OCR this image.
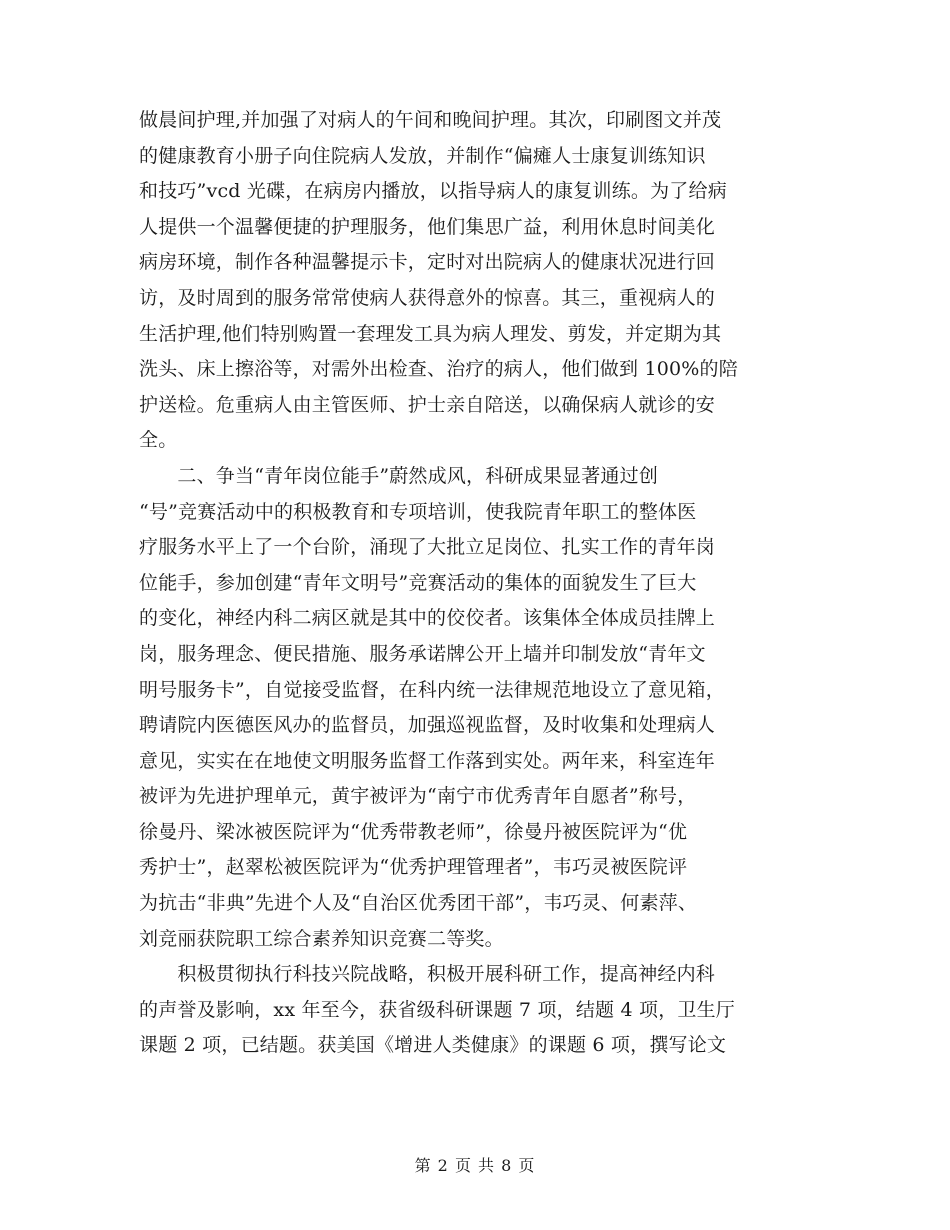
做晨间护理,并加强了对病人的午间和晚间护理。其次，印刷图文并茂
的健康教育小册子向住院病人发放，并制作“偏瘫人士康复训练知识
和技巧”vcd 光碟，在病房内播放，以指导病人的康复训练。为了给病
人提供一个温馨便捷的护理服务，他们集思广益，利用休息时间美化
病房环境，制作各种温馨提示卡，定时对出院病人的健康状况进行回
访，及时周到的服务常常使病人获得意外的惊喜。其三，重视病人的
生活护理,他们特别购置一套理发工具为病人理发、剪发，并定期为其
洗头、床上擦浴等，对需外出检查、治疗的病人，他们做到 100%的陪
护送检。危重病人由主管医师、护士亲自陪送，以确保病人就诊的安
全。
　　二、争当“青年岗位能手”蔚然成风，科研成果显著通过创
“号”竞赛活动中的积极教育和专项培训，使我院青年职工的整体医
疗服务水平上了一个台阶，涌现了大批立足岗位、扎实工作的青年岗
位能手，参加创建“青年文明号”竞赛活动的集体的面貌发生了巨大
的变化，神经内科二病区就是其中的佼佼者。该集体全体成员挂牌上
岗，服务理念、便民措施、服务承诺牌公开上墙并印制发放“青年文
明号服务卡”，自觉接受监督，在科内统一法律规范地设立了意见箱，
聘请院内医德医风办的监督员，加强巡视监督，及时收集和处理病人
意见，实实在在地使文明服务监督工作落到实处。两年来，科室连年
被评为先进护理单元，黄宇被评为“南宁市优秀青年自愿者”称号，
徐曼丹、梁冰被医院评为“优秀带教老师”，徐曼丹被医院评为“优
秀护士”，赵翠松被医院评为“优秀护理管理者”，韦巧灵被医院评
为抗击“非典”先进个人及“自治区优秀团干部”，韦巧灵、何素萍、
刘竞丽获院职工综合素养知识竞赛二等奖。
　　积极贯彻执行科技兴院战略，积极开展科研工作，提高神经内科
的声誉及影响，xx 年至今，获省级科研课题 7 项，结题 4 项，卫生厅
课题 2 项，已结题。获美国《增进人类健康》的课题 6 项，撰写论文
第 2 页 共 8 页
